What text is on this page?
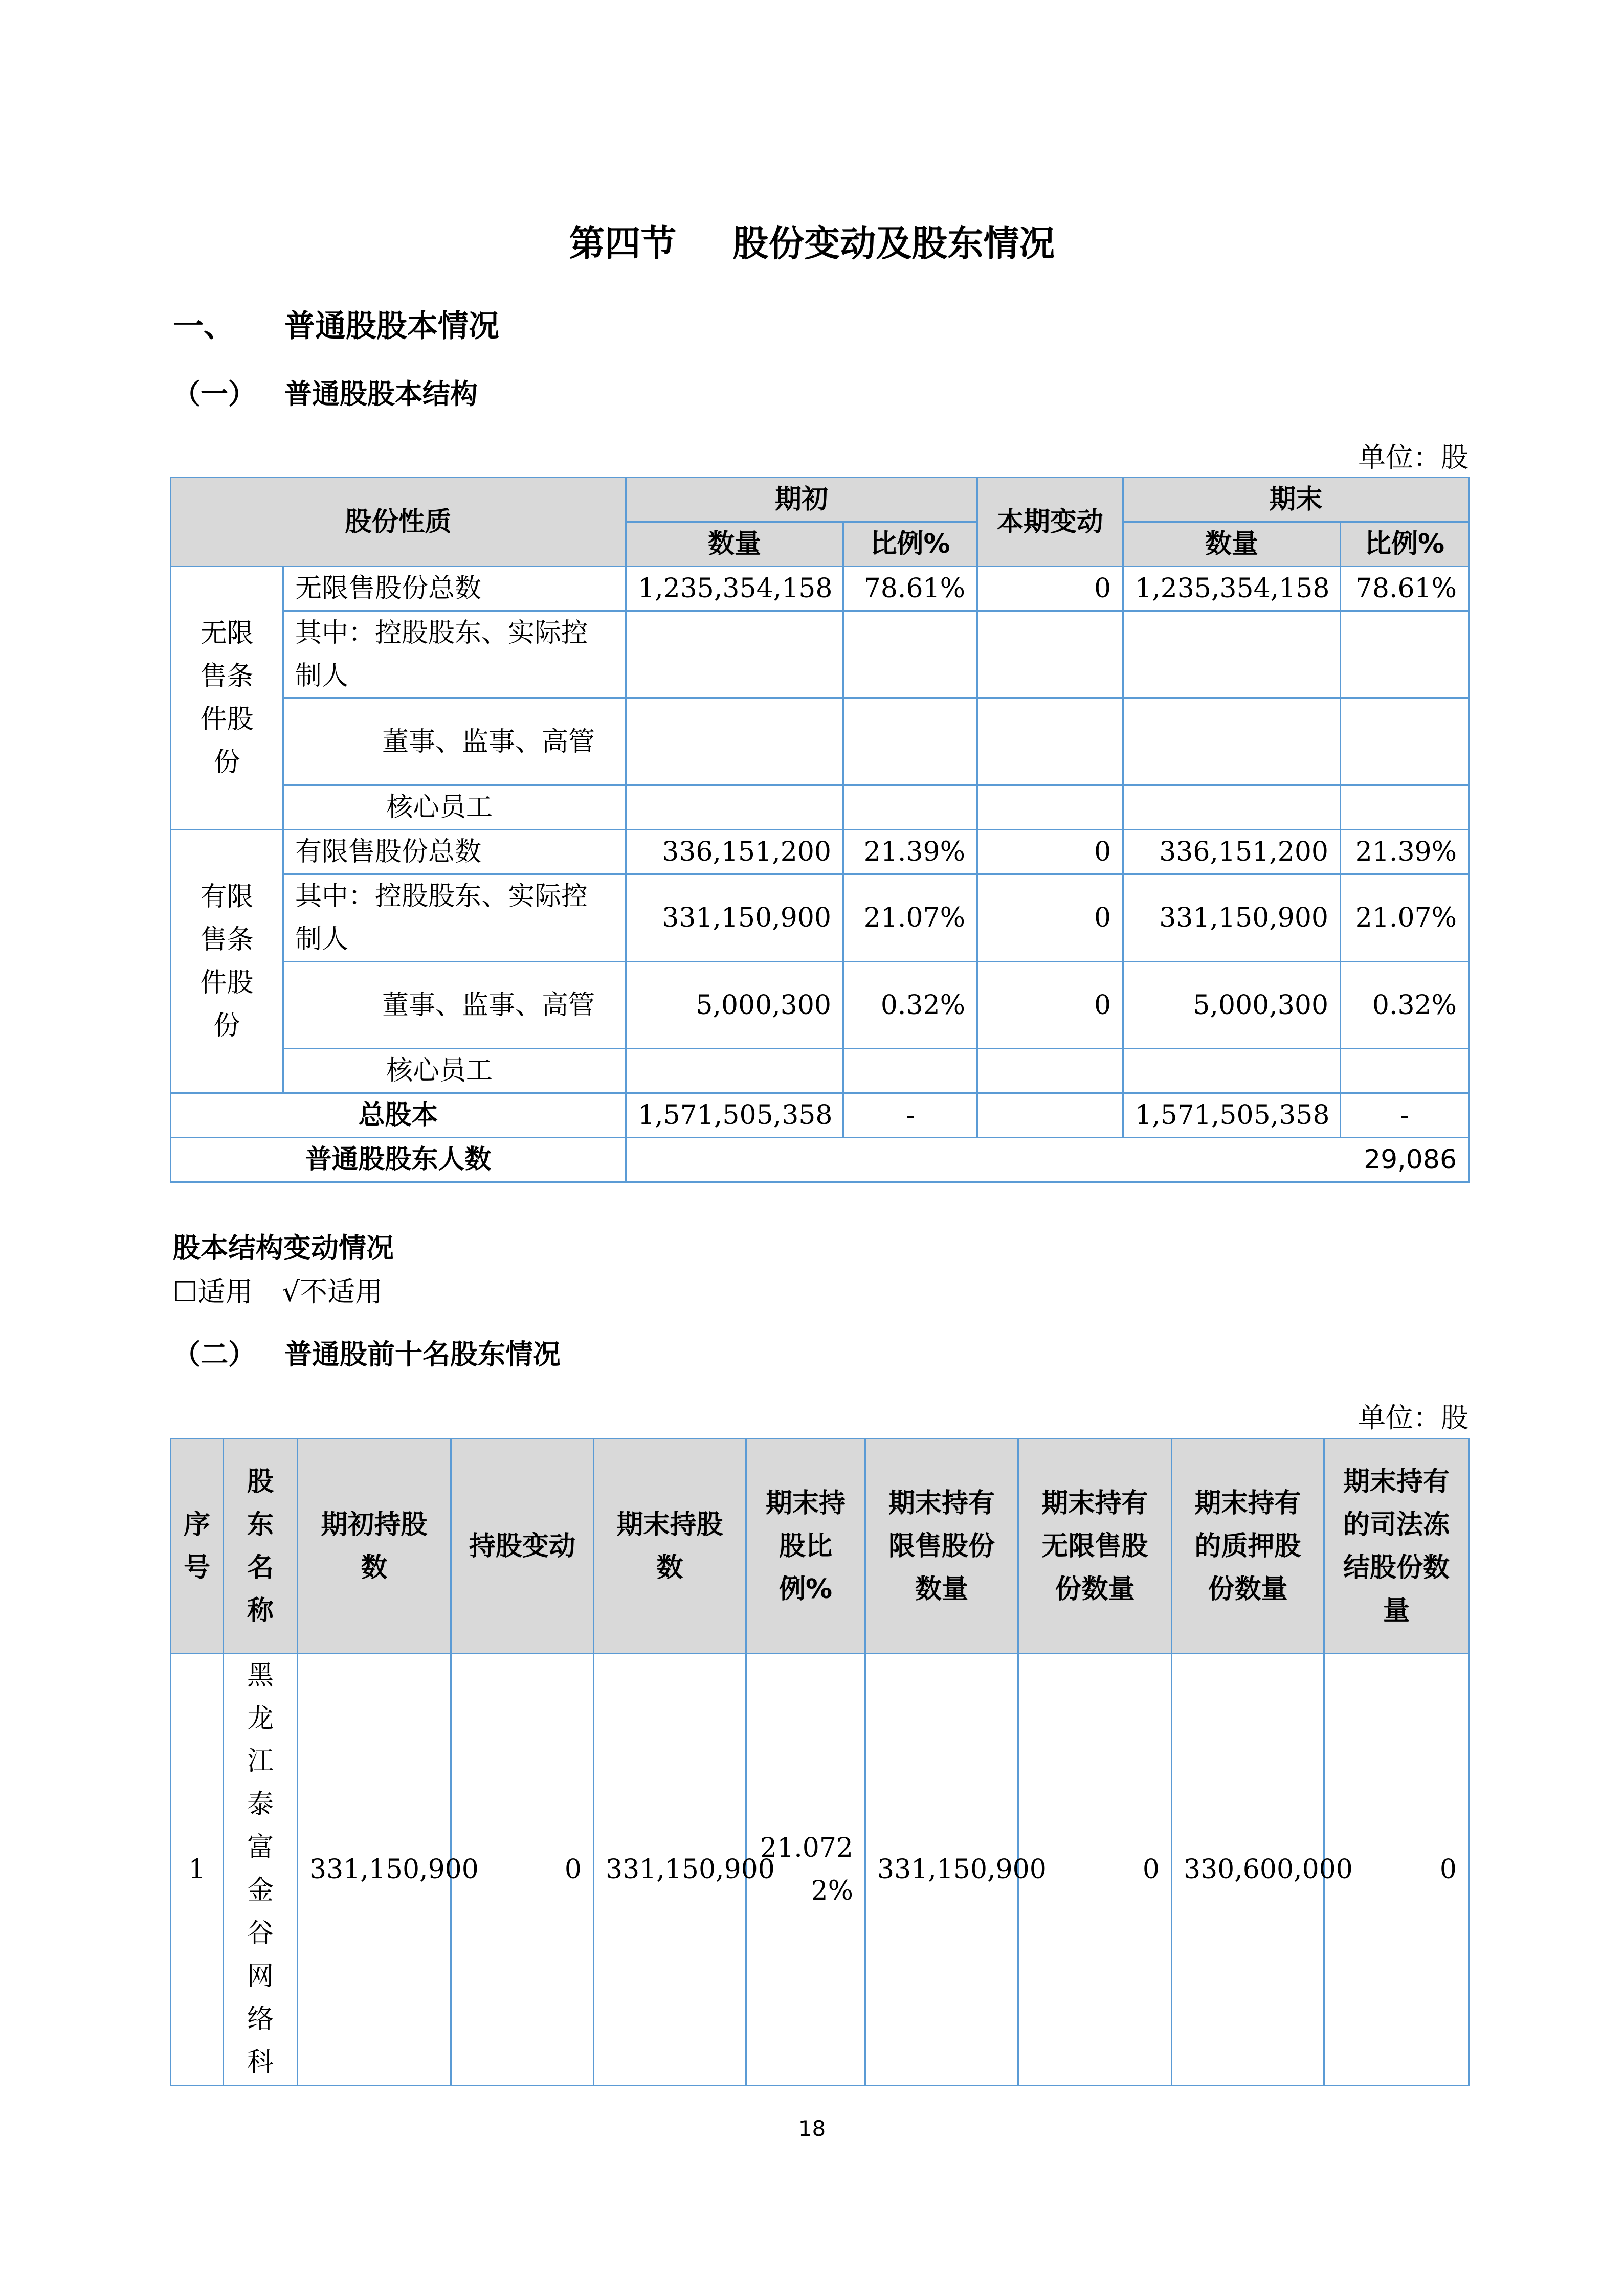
第四节 股份变动及股东情况
一、 普通股股本情况
（一） 普通股股本结构
单位：股
股份性质		期初		本期变动	期末	
		数量	比例%		数量	比例%
无限售条件股份	无限售股份总数	1,235,354,158	78.61%	0	1,235,354,158	78.61%
	其中：控股股东、实际控制人					
	董事、监事、高管					
	核心员工					
有限售条件股份	有限售股份总数	336,151,200	21.39%	0	336,151,200	21.39%
	其中：控股股东、实际控制人	331,150,900	21.07%	0	331,150,900	21.07%
	董事、监事、高管	5,000,300	0.32%	0	5,000,300	0.32%
	核心员工					
总股本		1,571,505,358	-		1,571,505,358	-
普通股股东人数		29,086				
股本结构变动情况
☐适用 √不适用
（二） 普通股前十名股东情况
单位：股
序号	股东名称	期初持股数	持股变动	期末持股数	期末持股比例%	期末持有限售股份数量	期末持有无限售股份数量	期末持有的质押股份数量	期末持有的司法冻结股份数量
1	黑龙江泰富金谷网络科	331,150,900	0	331,150,900	21.0722%	331,150,900	0	330,600,000	0
18
